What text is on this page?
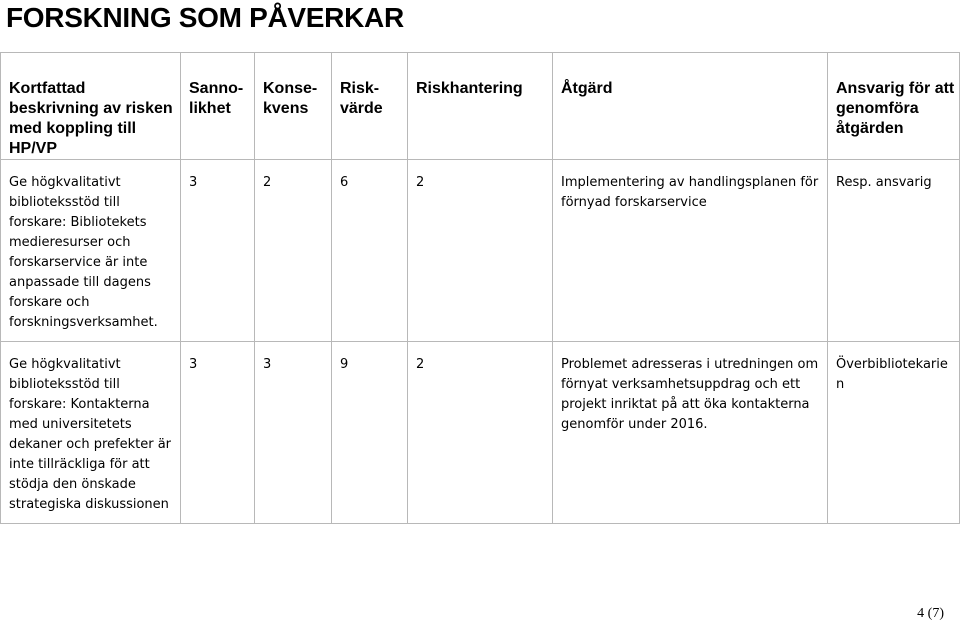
FORSKNING SOM PÅVERKAR
Kortfattad beskrivning av risken med koppling till HP/VP	Sanno-likhet	Konse-kvens	Risk-värde	Riskhantering	Åtgärd	Ansvarig för att genomföra åtgärden

Ge högkvalitativt biblioteksstöd till forskare: Bibliotekets medieresurser och forskarservice är inte anpassade till dagens forskare och forskningsverksamhet.	3	2	6	2	Implementering av handlingsplanen för förnyad forskarservice	Resp. ansvarig
Ge högkvalitativt biblioteksstöd till forskare: Kontakterna med universitetets dekaner och prefekter är inte tillräckliga för att stödja den önskade strategiska diskussionen	3	3	9	2	Problemet adresseras i utredningen om förnyat verksamhetsuppdrag och ett projekt inriktat på att öka kontakterna genomför under 2016.	Överbibliotekarien
4 (7)
